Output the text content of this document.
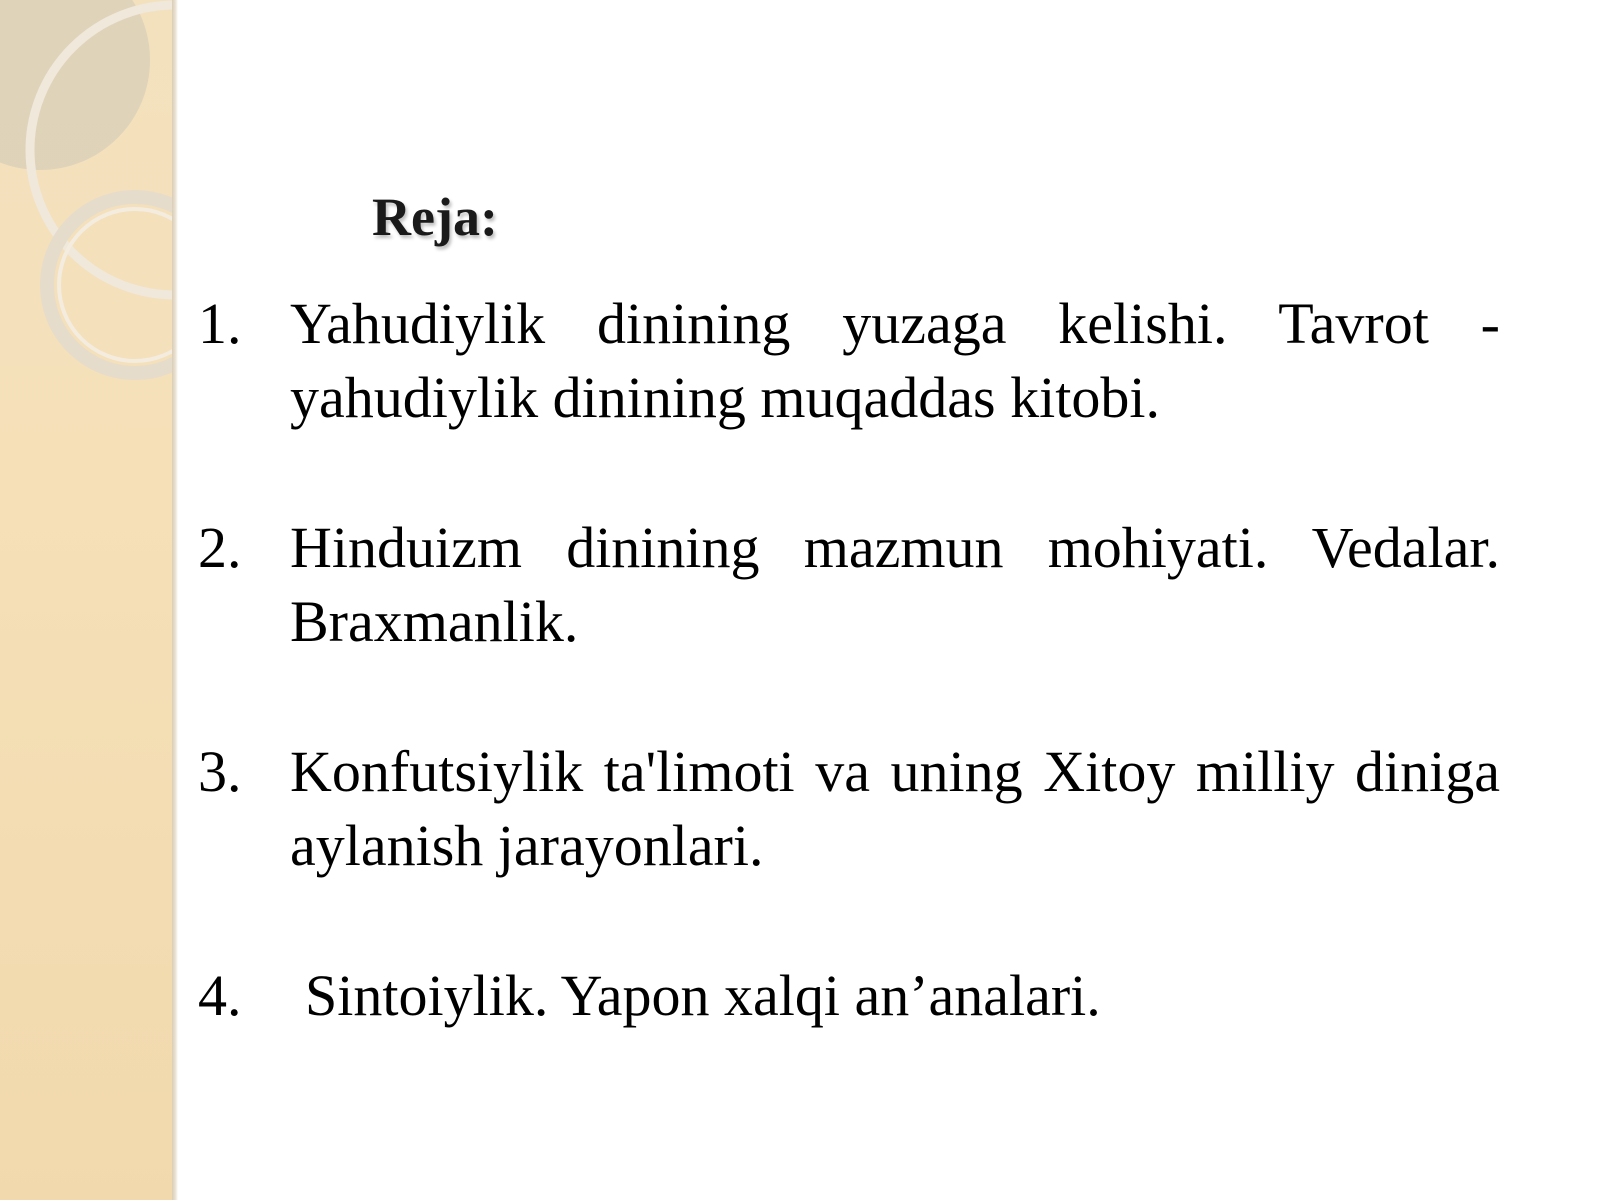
Reja:
1. Yahudiylik dinining yuzaga kelishi. Tavrot - yahudiylik dinining muqaddas kitobi.
2. Hinduizm dinining mazmun mohiyati. Vedalar. Braxmanlik.
3. Konfutsiylik ta'limoti va uning Xitoy milliy diniga aylanish jarayonlari.
4. Sintoiylik. Yapon xalqi an’analari.
